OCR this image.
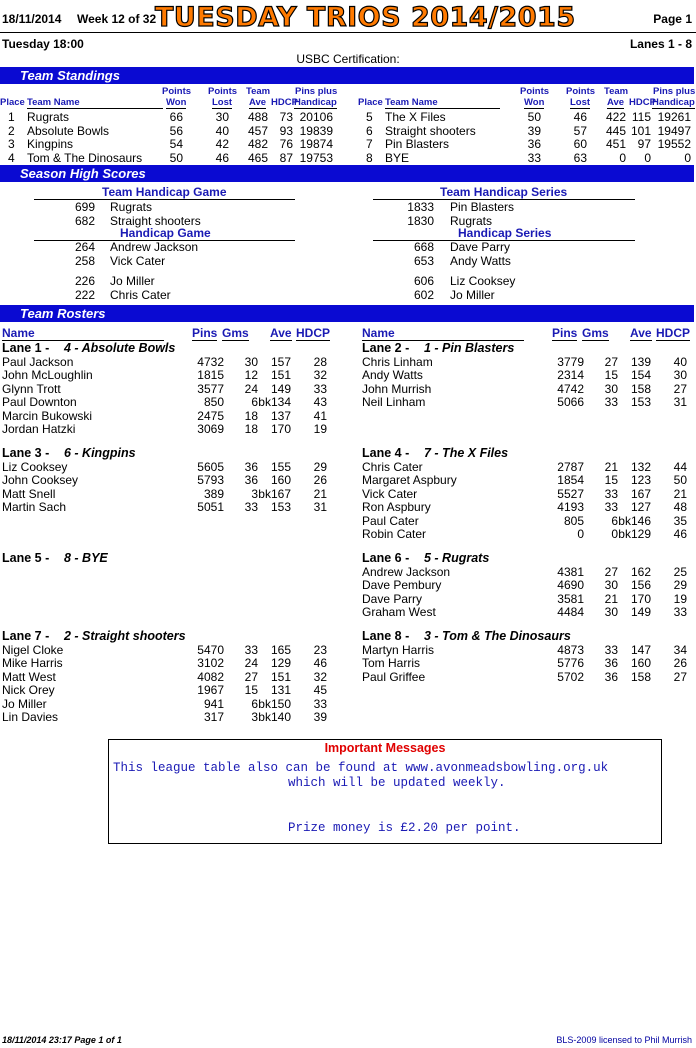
18/11/2014 Week 12 of 32
TUESDAY TRIOS 2014/2015	Page 1
Tuesday 18:00	Lanes 1 - 8
USBC Certification:
Team Standings
Place Team Name
Points
Won
Points
Lost
Team
Ave HDCP
Pins plus
Handicap Place Team Name
Points
Won
Points
Lost
Team
Ave HDCP
Pins plus
Handicap
1 Rugrats	66	30	488 73 20106
2 Absolute Bowls	56	40	457 93 19839
3 Kingpins	54	42	482 76 19874
4 Tom & The Dinosaurs	50	46	465 87 19753
5 The X Files	50	46	422 115 19261
6 Straight shooters	39	57	445 101 19497
7 Pin Blasters	36	60	451 97 19552
8 BYE	33	63	0	0	0
Season High Scores
Team Handicap Game
699 Rugrats
682 Straight shooters
Team Handicap Series
1833 Pin Blasters
1830 Rugrats
Handicap Game
264 Andrew Jackson
258 Vick Cater
Handicap Series
668 Dave Parry
653 Andy Watts
226 Jo Miller
222 Chris Cater
606 Liz Cooksey
602 Jo Miller
Team Rosters
Name	Pins Gms Ave HDCP	Name	Pins Gms Ave HDCP
Lane 1 - 4 - Absolute Bowls
Paul Jackson	4732	30	157	28
John McLoughlin	1815	12	151	32
Glynn Trott	3577	24	149	33
Paul Downton	850	6 bk134	43
Marcin Bukowski	2475	18	137	41
Jordan Hatzki	3069	18	170	19
Lane 2 - 1 - Pin Blasters
Chris Linham	3779	27	139	40
Andy Watts	2314	15	154	30
John Murrish	4742	30	158	27
Neil Linham	5066	33	153	31
Lane 3 - 6 - Kingpins
Liz Cooksey	5605	36	155	29
John Cooksey	5793	36	160	26
Matt Snell	389	3 bk167	21
Martin Sach	5051	33	153	31
Lane 4 - 7 - The X Files
Chris Cater	2787	21	132	44
Margaret Aspbury	1854	15	123	50
Vick Cater	5527	33	167	21
Ron Aspbury	4193	33	127	48
Paul Cater	805	6 bk146	35
Robin Cater	0	0 bk129	46
Lane 5 - 8 - BYE	Lane 6 - 5 - Rugrats
Andrew Jackson	4381	27	162	25
Dave Pembury	4690	30	156	29
Dave Parry	3581	21	170	19
Graham West	4484	30	149	33
Lane 7 - 2 - Straight shooters
Nigel Cloke	5470	33	165	23
Mike Harris	3102	24	129	46
Matt West	4082	27	151	32
Nick Orey	1967	15	131	45
Jo Miller	941	6 bk150	33
Lin Davies	317	3 bk140	39
Lane 8 - 3 - Tom & The Dinosaurs
Martyn Harris	4873	33	147	34
Tom Harris	5776	36	160	26
Paul Griffee	5702	36	158	27
Important Messages
This league table also can be found at www.avonmeadsbowling.org.uk
which will be updated weekly.
Prize money is £2.20 per point.
18/11/2014 23:17 Page 1 of 1	BLS-2009 licensed to Phil Murrish
